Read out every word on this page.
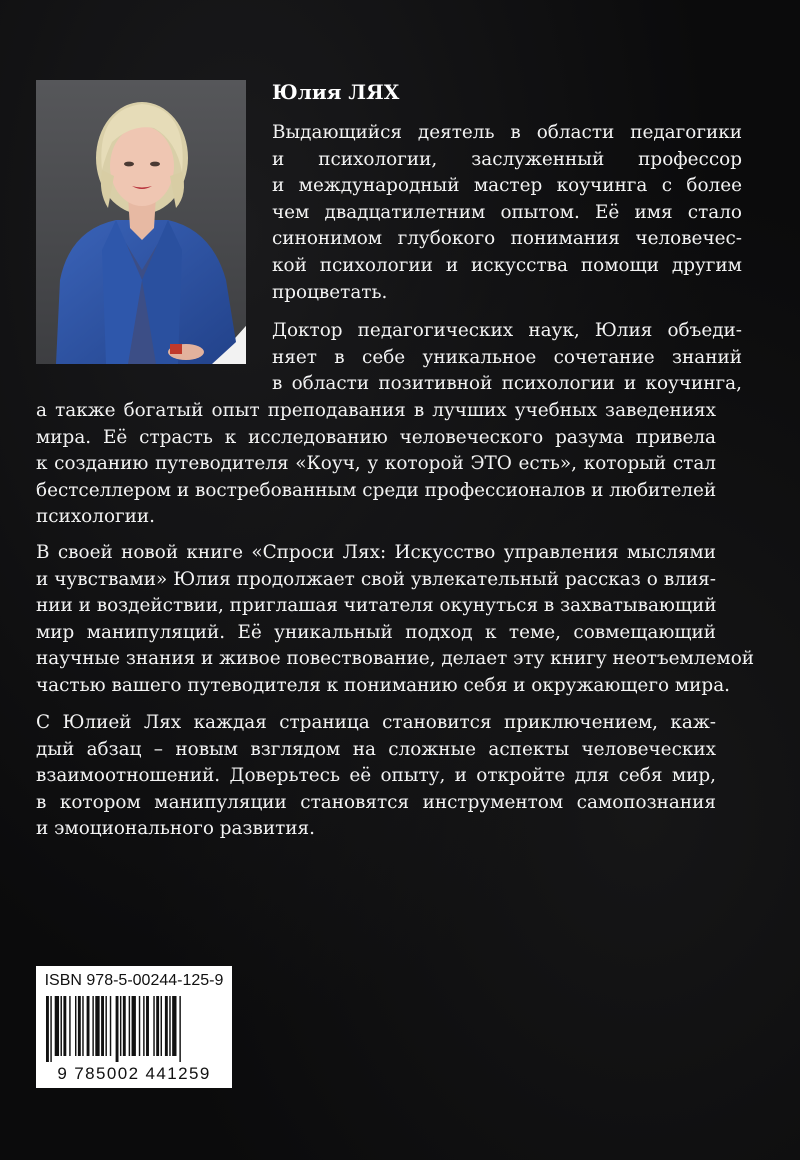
Юлия ЛЯХ
Выдающийся деятель в области педагогики
и психологии, заслуженный профессор
и международный мастер коучинга с более
чем двадцатилетним опытом. Её имя стало
синонимом глубокого понимания человечес-
кой психологии и искусства помощи другим
процветать.
Доктор педагогических наук, Юлия объеди-
няет в себе уникальное сочетание знаний
в области позитивной психологии и коучинга,
а также богатый опыт преподавания в лучших учебных заведениях
мира. Её страсть к исследованию человеческого разума привела
к созданию путеводителя «Коуч, у которой ЭТО есть», который стал
бестселлером и востребованным среди профессионалов и любителей
психологии.
В своей новой книге «Спроси Лях: Искусство управления мыслями
и чувствами» Юлия продолжает свой увлекательный рассказ о влия-
нии и воздействии, приглашая читателя окунуться в захватывающий
мир манипуляций. Её уникальный подход к теме, совмещающий
научные знания и живое повествование, делает эту книгу неотъемлемой
частью вашего путеводителя к пониманию себя и окружающего мира.
С Юлией Лях каждая страница становится приключением, каж-
дый абзац – новым взглядом на сложные аспекты человеческих
взаимоотношений. Доверьтесь её опыту, и откройте для себя мир,
в котором манипуляции становятся инструментом самопознания
и эмоционального развития.
ISBN 978-5-00244-125-9
9 785002 441259
